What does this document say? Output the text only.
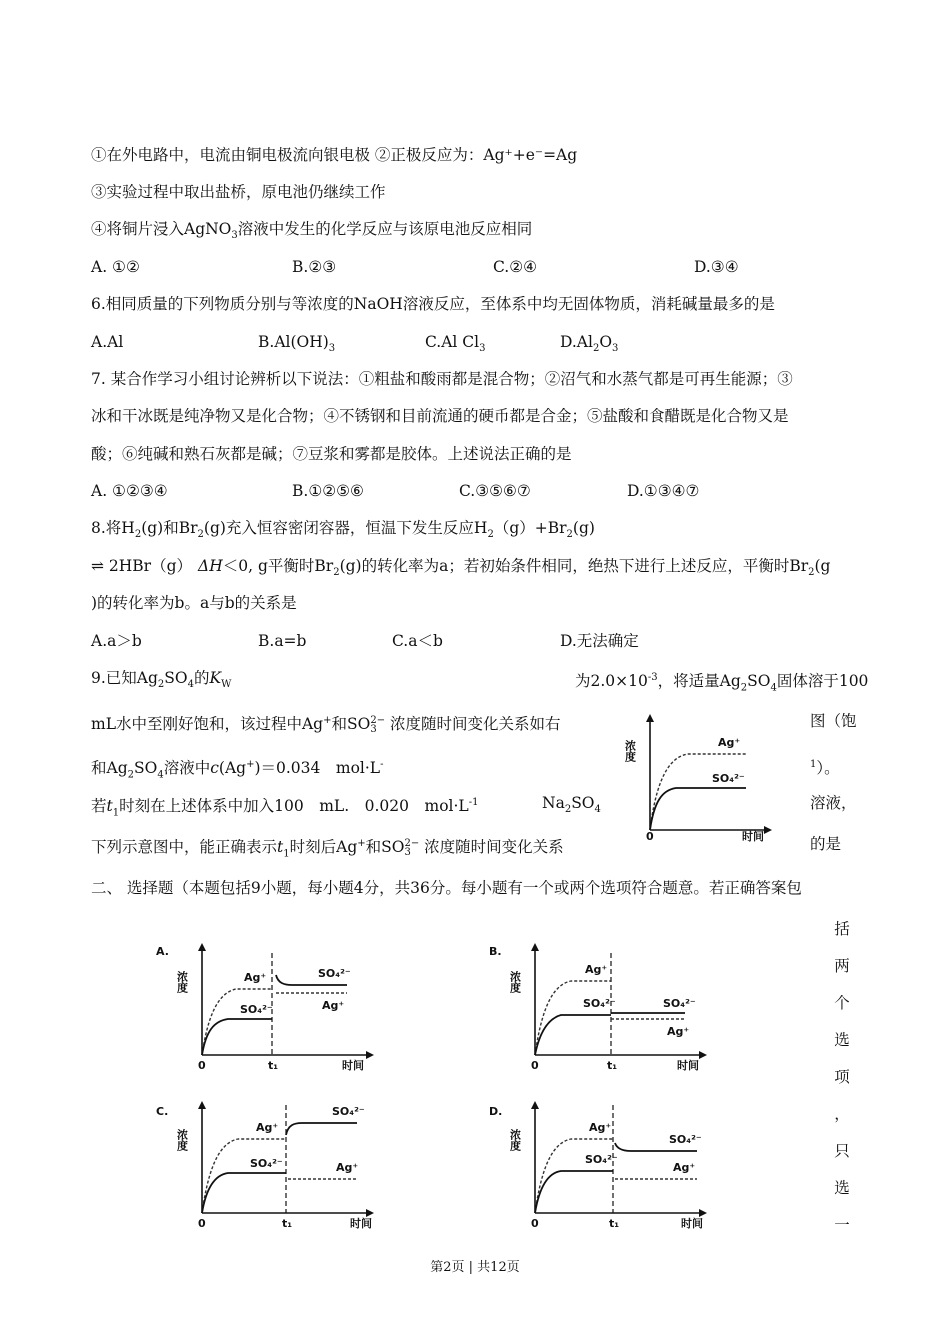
①在外电路中，电流由铜电极流向银电极 ②正极反应为：Ag⁺+e⁻=Ag
③实验过程中取出盐桥，原电池仍继续工作
④将铜片浸入AgNO$_3$溶液中发生的化学反应与该原电池反应相同
A. ①②	B.②③	C.②④	D.③④
6.相同质量的下列物质分别与等浓度的NaOH溶液反应，至体系中均无固体物质，消耗碱量最多的是
A.Al	$B.Al(OH)_3$	C.Al $Cl_3$	$D.Al_2O_3$
7. 某合作学习小组讨论辨析以下说法：①粗盐和酸雨都是混合物；②沼气和水蒸气都是可再生能源；③
冰和干冰既是纯净物又是化合物；④不锈钢和目前流通的硬币都是合金；⑤盐酸和食醋既是化合物又是
酸；⑥纯碱和熟石灰都是碱；⑦豆浆和雾都是胶体。上述说法正确的是
A. ①②③④	B.①②⑤⑥	C.③⑤⑥⑦	D.①③④⑦
8.将$H_2(g)$和$Br_2(g)$充入恒容密闭容器，恒温下发生反应$H_2(g)+Br_2(g)$
⇌ 2HBr（g） ΔH＜0, g平衡时$Br_2(g)$的转化率为a；若初始条件相同，绝热下进行上述反应，平衡时$Br_2(g$
)的转化率为b。a与b的关系是
A.a＞b	B.a=b	C.a＜b	D.无法确定
9.已知$Ag_2SO_4$的$K_W$	为$2.0\times 10^{-3}$，将适量$Ag_2SO_4$固体溶于100
mL水中至刚好饱和，该过程中Ag+和SO2−
3 浓度随时间变化关系如右	图（饱
和$Ag_2SO_4$溶液中c(Ag+)＝0.034　mol·L-	$^1$）。
若$t_1$时刻在上述体系中加入100　mL.　0.020　$mol\cdot L^{-1}$	$Na_2SO_4$	溶液，
下列示意图中，能正确表示$t_1$时刻后Ag+和SO2−
3 浓度随时间变化关系	的是
浓度
0	时间
Ag⁺
SO₄²⁻
二、 选择题（本题包括9小题，每小题4分，共36分。每小题有一个或两个选项符合题意。若正确答案包
括
两
个
选
项
，
只
选
一
A.
浓度
0	t₁	时间
Ag⁺
SO₄²⁻
SO₄²⁻
Ag⁺
B.
浓度
0	t₁	时间
Ag⁺
SO₄²⁻	SO₄²⁻
Ag⁺
C.
浓度
0	t₁	时间
Ag⁺
SO₄²⁻
SO₄²⁻
Ag⁺
D.
浓度
0	t₁	时间
Ag⁺
SO₄²⁻
SO₄²⁻
Ag⁺
第2页 | 共12页
